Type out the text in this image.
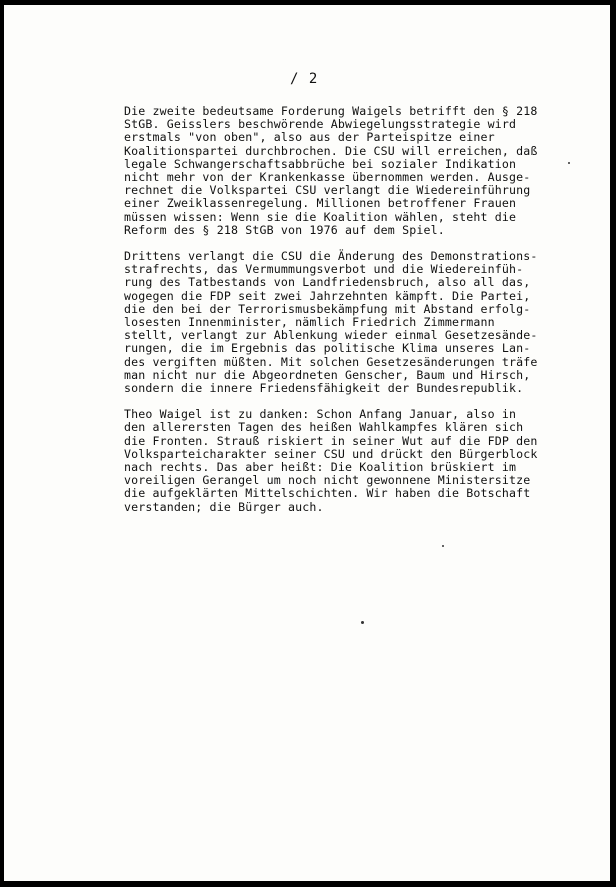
/ 2
Die zweite bedeutsame Forderung Waigels betrifft den § 218
StGB. Geisslers beschwörende Abwiegelungsstrategie wird
erstmals "von oben", also aus der Parteispitze einer
Koalitionspartei durchbrochen. Die CSU will erreichen, daß
legale Schwangerschaftsabbrüche bei sozialer Indikation
nicht mehr von der Krankenkasse übernommen werden. Ausge-
rechnet die Volkspartei CSU verlangt die Wiedereinführung
einer Zweiklassenregelung. Millionen betroffener Frauen
müssen wissen: Wenn sie die Koalition wählen, steht die
Reform des § 218 StGB von 1976 auf dem Spiel.
Drittens verlangt die CSU die Änderung des Demonstrations-
strafrechts, das Vermummungsverbot und die Wiedereinfüh-
rung des Tatbestands von Landfriedensbruch, also all das,
wogegen die FDP seit zwei Jahrzehnten kämpft. Die Partei,
die den bei der Terrorismusbekämpfung mit Abstand erfolg-
losesten Innenminister, nämlich Friedrich Zimmermann
stellt, verlangt zur Ablenkung wieder einmal Gesetzesände-
rungen, die im Ergebnis das politische Klima unseres Lan-
des vergiften müßten. Mit solchen Gesetzesänderungen träfe
man nicht nur die Abgeordneten Genscher, Baum und Hirsch,
sondern die innere Friedensfähigkeit der Bundesrepublik.
Theo Waigel ist zu danken: Schon Anfang Januar, also in
den allerersten Tagen des heißen Wahlkampfes klären sich
die Fronten. Strauß riskiert in seiner Wut auf die FDP den
Volksparteicharakter seiner CSU und drückt den Bürgerblock
nach rechts. Das aber heißt: Die Koalition brüskiert im
voreiligen Gerangel um noch nicht gewonnene Ministersitze
die aufgeklärten Mittelschichten. Wir haben die Botschaft
verstanden; die Bürger auch.
